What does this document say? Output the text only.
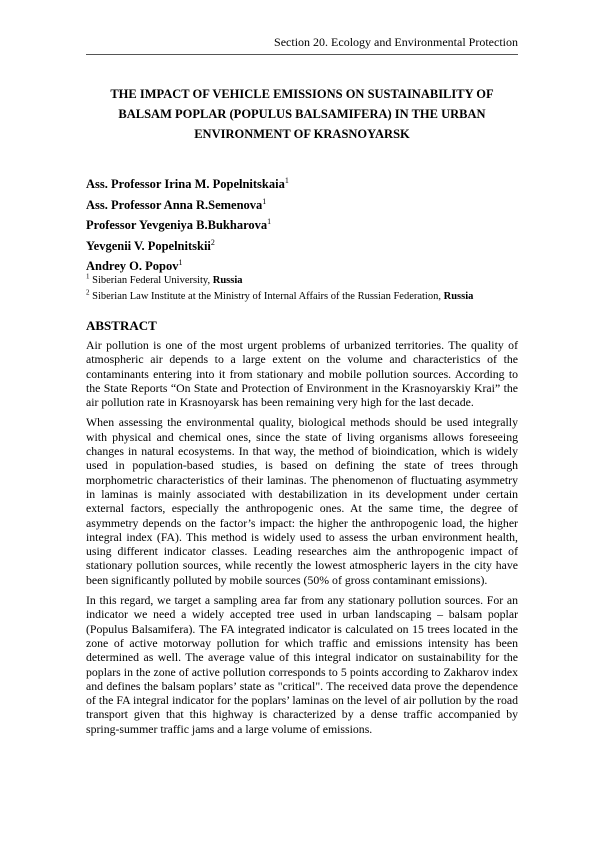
Section 20. Ecology and Environmental Protection
THE IMPACT OF VEHICLE EMISSIONS ON SUSTAINABILITY OF
BALSAM POPLAR (POPULUS BALSAMIFERA) IN THE URBAN
ENVIRONMENT OF KRASNOYARSK
Ass. Professor Irina M. Popelnitskaia$^1$
Ass. Professor Anna R.Semenova$^1$
Professor Yevgeniya B.Bukharova$^1$
Yevgenii V. Popelnitskii$^2$
Andrey O. Popov$^1$
$^1$ Siberian Federal University, Russia
$^2$ Siberian Law Institute at the Ministry of Internal Affairs of the Russian Federation, Russia
ABSTRACT

Air pollution is one of the most urgent problems of urbanized territories. The quality of atmospheric air depends to a large extent on the volume and characteristics of the contaminants entering into it from stationary and mobile pollution sources. According to the State Reports “On State and Protection of Environment in the Krasnoyarskiy Krai” the air pollution rate in Krasnoyarsk has been remaining very high for the last decade.

When assessing the environmental quality, biological methods should be used integrally with physical and chemical ones, since the state of living organisms allows foreseeing changes in natural ecosystems. In that way, the method of bioindication, which is widely used in population-based studies, is based on defining the state of trees through morphometric characteristics of their laminas. The phenomenon of fluctuating asymmetry in laminas is mainly associated with destabilization in its development under certain external factors, especially the anthropogenic ones. At the same time, the degree of asymmetry depends on the factor’s impact: the higher the anthropogenic load, the higher integral index (FA). This method is widely used to assess the urban environment health, using different indicator classes. Leading researches aim the anthropogenic impact of stationary pollution sources, while recently the lowest atmospheric layers in the city have been significantly polluted by mobile sources (50% of gross contaminant emissions).

In this regard, we target a sampling area far from any stationary pollution sources. For an indicator we need a widely accepted tree used in urban landscaping – balsam poplar (Populus Balsamifera). The FA integrated indicator is calculated on 15 trees located in the zone of active motorway pollution for which traffic and emissions intensity has been determined as well. The average value of this integral indicator on sustainability for the poplars in the zone of active pollution corresponds to 5 points according to Zakharov index and defines the balsam poplars’ state as "critical". The received data prove the dependence of the FA integral indicator for the poplars’ laminas on the level of air pollution by the road transport given that this highway is characterized by a dense traffic accompanied by spring-summer traffic jams and a large volume of emissions.
